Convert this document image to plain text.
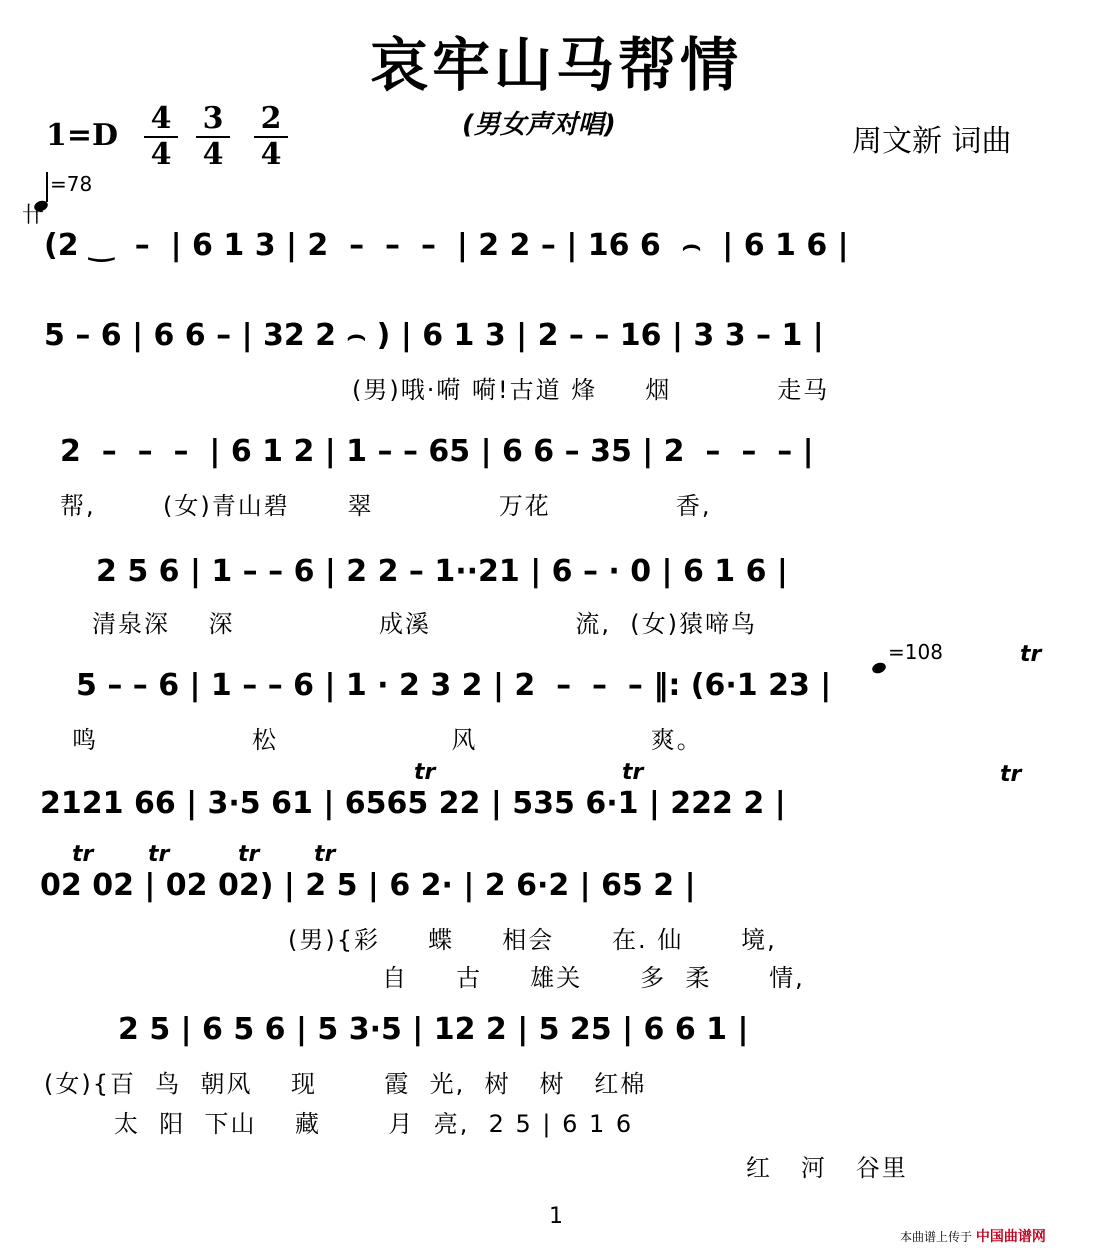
哀牢山马帮情
$1=D \frac{4}{4} \frac{3}{4} \frac{2}{4}$	(男女声对唱)	周文新 词曲
=78
卄
(2 ‿  –  | 6 1 3 | 2  –  –  –  | 2 2 – | 16 6  ⌢  | 6 1 6 |
5 – 6 | 6 6 – | 32 2 ⌢ ) | 6 1 3 | 2 – – 16 | 3 3 – 1 |
(男)哦·嗬 嗬!古道 烽     烟           走马
2  –  –  –  | 6 1 2 | 1 – – 65 | 6 6 – 35 | 2  –  –  – |
帮,       (女)青山碧      翠             万花             香,
2 5 6 | 1 – – 6 | 2 2 – 1··21 | 6 – · 0 | 6 1 6 |
清泉深    深               成溪               流,  (女)猿啼鸟
5 – – 6 | 1 – – 6 | 1 · 2 3 2 | 2  –  –  – ‖: (6·1 23 |
鸣                松                  风                  爽。
=108
2121 66 | 3·5 61 | 6565 22 | 535 6·1 | 222 2 |
02 02 | 02 02) | 2 5 | 6 2· | 2 6·2 | 65 2 |
(男){彩     蝶     相会      在. 仙      境,
自     古     雄关      多  柔      情,
2 5 | 6 5 6 | 5 3·5 | 12 2 | 5 25 | 6 6 1 |
(女){百  鸟  朝风    现       霞  光,  树   树   红棉
太  阳  下山    藏       月  亮,  2 5 | 6 1 6
红   河   谷里
tr
tr	tr	tr
tr tr	tr tr
1
本曲谱上传于 中国曲谱网
